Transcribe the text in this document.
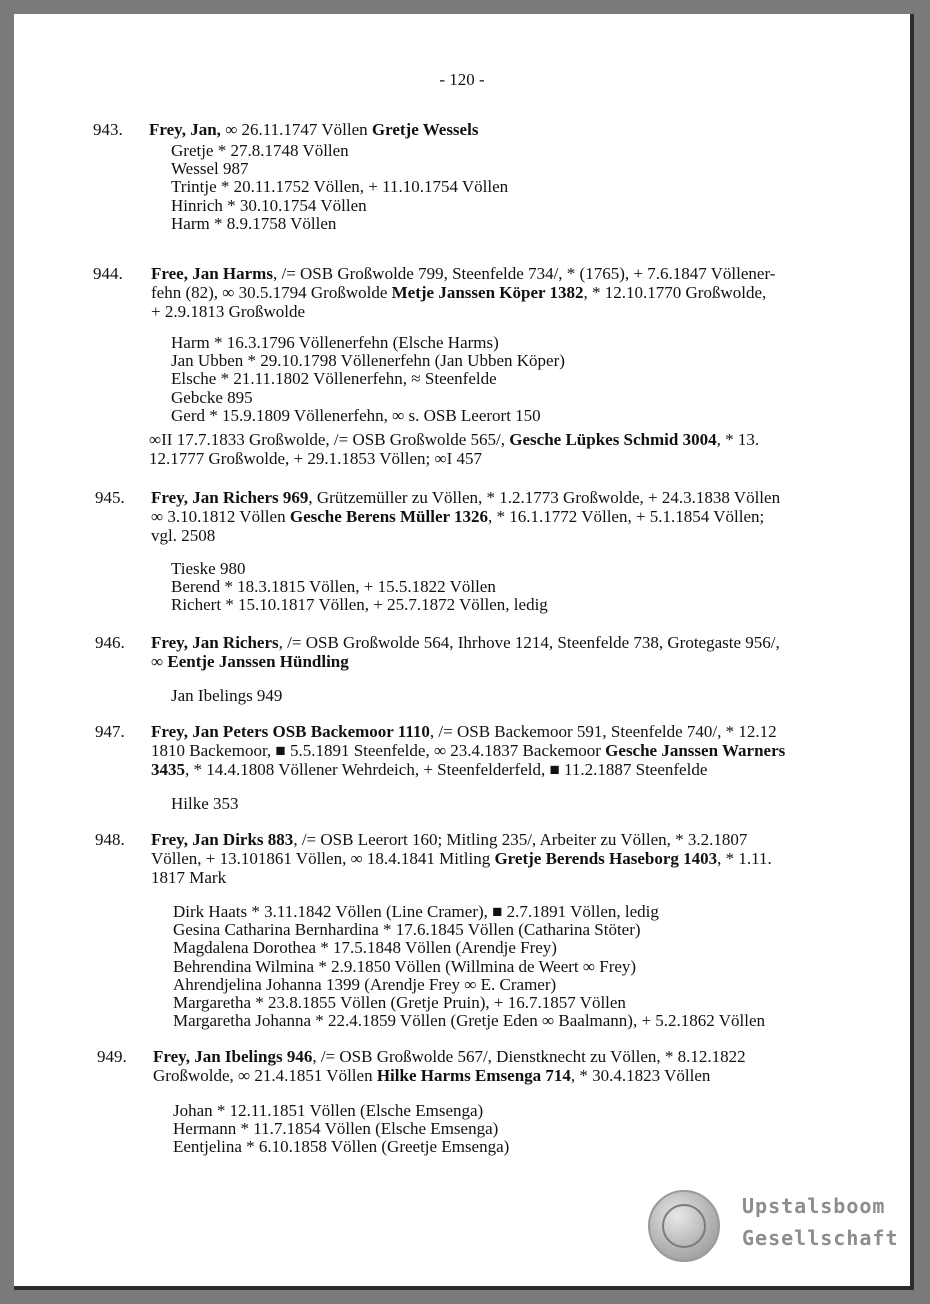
- 120 -
943. Frey, Jan, ∞ 26.11.1747 Völlen Gretje Wessels
Gretje * 27.8.1748 Völlen
Wessel 987
Trintje * 20.11.1752 Völlen, + 11.10.1754 Völlen
Hinrich * 30.10.1754 Völlen
Harm * 8.9.1758 Völlen
944. Free, Jan Harms, /= OSB Großwolde 799, Steenfelde 734/, * (1765), + 7.6.1847 Völlener-
fehn (82), ∞ 30.5.1794 Großwolde Metje Janssen Köper 1382, * 12.10.1770 Großwolde,
+ 2.9.1813 Großwolde
Harm * 16.3.1796 Völlenerfehn (Elsche Harms)
Jan Ubben * 29.10.1798 Völlenerfehn (Jan Ubben Köper)
Elsche * 21.11.1802 Völlenerfehn, ≈ Steenfelde
Gebcke 895
Gerd * 15.9.1809 Völlenerfehn, ∞ s. OSB Leerort 150
∞II 17.7.1833 Großwolde, /= OSB Großwolde 565/, Gesche Lüpkes Schmid 3004, * 13.
12.1777 Großwolde, + 29.1.1853 Völlen; ∞I 457
945. Frey, Jan Richers 969, Grützemüller zu Völlen, * 1.2.1773 Großwolde, + 24.3.1838 Völlen
∞ 3.10.1812 Völlen Gesche Berens Müller 1326, * 16.1.1772 Völlen, + 5.1.1854 Völlen;
vgl. 2508
Tieske 980
Berend * 18.3.1815 Völlen, + 15.5.1822 Völlen
Richert * 15.10.1817 Völlen, + 25.7.1872 Völlen, ledig
946. Frey, Jan Richers, /= OSB Großwolde 564, Ihrhove 1214, Steenfelde 738, Grotegaste 956/,
∞ Eentje Janssen Hündling
Jan Ibelings 949
947. Frey, Jan Peters OSB Backemoor 1110, /= OSB Backemoor 591, Steenfelde 740/, * 12.12
1810 Backemoor, ■ 5.5.1891 Steenfelde, ∞ 23.4.1837 Backemoor Gesche Janssen Warners
3435, * 14.4.1808 Völlener Wehrdeich, + Steenfelderfeld, ■ 11.2.1887 Steenfelde
Hilke 353
948. Frey, Jan Dirks 883, /= OSB Leerort 160; Mitling 235/, Arbeiter zu Völlen, * 3.2.1807
Völlen, + 13.101861 Völlen, ∞ 18.4.1841 Mitling Gretje Berends Haseborg 1403, * 1.11.
1817 Mark
Dirk Haats * 3.11.1842 Völlen (Line Cramer), ■ 2.7.1891 Völlen, ledig
Gesina Catharina Bernhardina * 17.6.1845 Völlen (Catharina Stöter)
Magdalena Dorothea * 17.5.1848 Völlen (Arendje Frey)
Behrendina Wilmina * 2.9.1850 Völlen (Willmina de Weert ∞ Frey)
Ahrendjelina Johanna 1399 (Arendje Frey ∞ E. Cramer)
Margaretha * 23.8.1855 Völlen (Gretje Pruin), + 16.7.1857 Völlen
Margaretha Johanna * 22.4.1859 Völlen (Gretje Eden ∞ Baalmann), + 5.2.1862 Völlen
949. Frey, Jan Ibelings 946, /= OSB Großwolde 567/, Dienstknecht zu Völlen, * 8.12.1822
Großwolde, ∞ 21.4.1851 Völlen Hilke Harms Emsenga 714, * 30.4.1823 Völlen
Johan * 12.11.1851 Völlen (Elsche Emsenga)
Hermann * 11.7.1854 Völlen (Elsche Emsenga)
Eentjelina * 6.10.1858 Völlen (Greetje Emsenga)
Upstalsboom
Gesellschaft
